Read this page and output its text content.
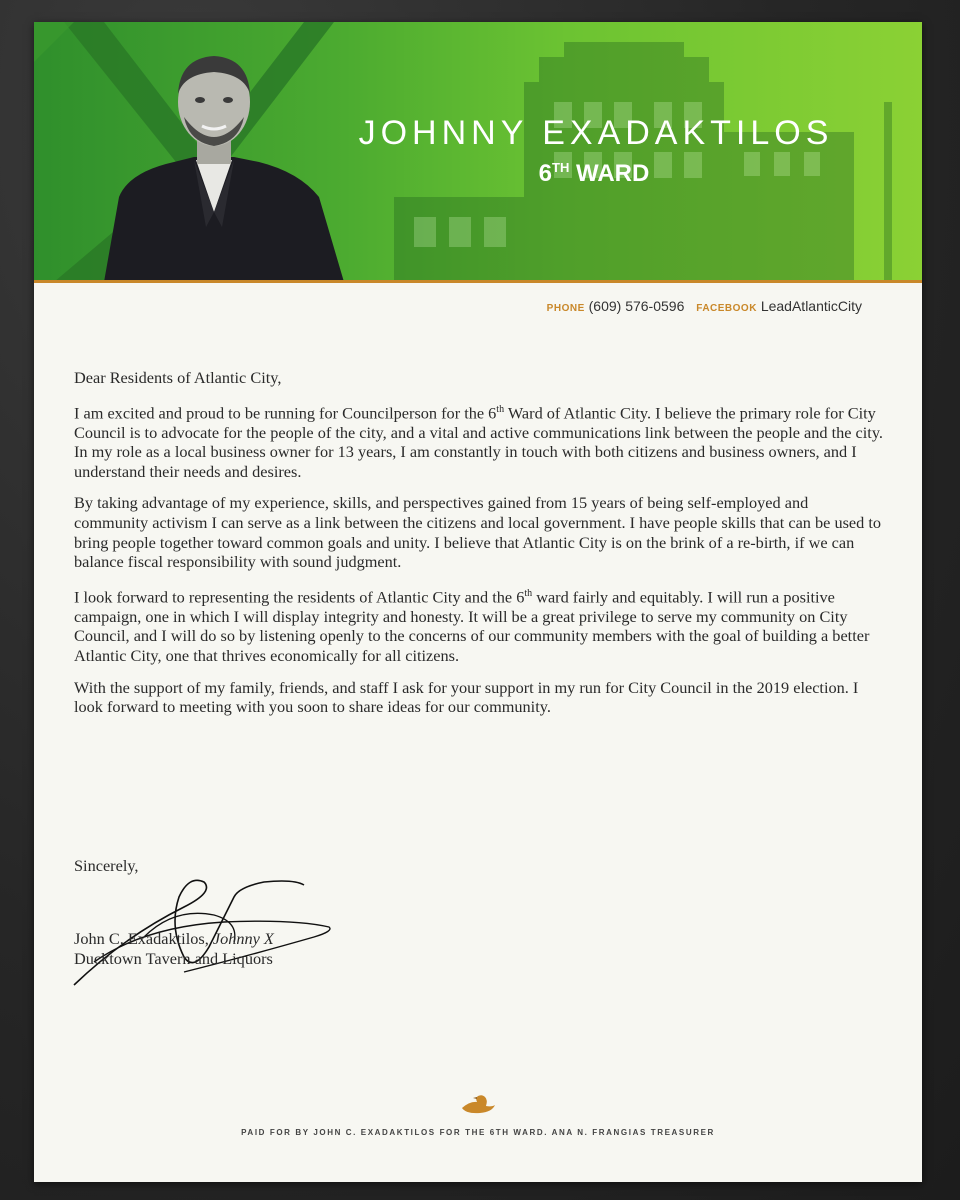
JOHNNY EXADAKTILOS
6TH WARD
PHONE (609) 576-0596 FACEBOOK LeadAtlanticCity

Dear Residents of Atlantic City,

I am excited and proud to be running for Councilperson for the 6th Ward of Atlantic City. I believe the primary role for City Council is to advocate for the people of the city, and a vital and active communications link between the people and the city. In my role as a local business owner for 13 years, I am constantly in touch with both citizens and business owners, and I understand their needs and desires.

By taking advantage of my experience, skills, and perspectives gained from 15 years of being self-employed and community activism I can serve as a link between the citizens and local government. I have people skills that can be used to bring people together toward common goals and unity. I believe that Atlantic City is on the brink of a re-birth, if we can balance fiscal responsibility with sound judgment.

I look forward to representing the residents of Atlantic City and the 6th ward fairly and equitably. I will run a positive campaign, one in which I will display integrity and honesty. It will be a great privilege to serve my community on City Council, and I will do so by listening openly to the concerns of our community members with the goal of building a better Atlantic City, one that thrives economically for all citizens.

With the support of my family, friends, and staff I ask for your support in my run for City Council in the 2019 election. I look forward to meeting with you soon to share ideas for our community.

Sincerely,
John C. Exadaktilos, Johnny X
Ducktown Tavern and Liquors
PAID FOR BY JOHN C. EXADAKTILOS FOR THE 6TH WARD. ANA N. FRANGIAS TREASURER
